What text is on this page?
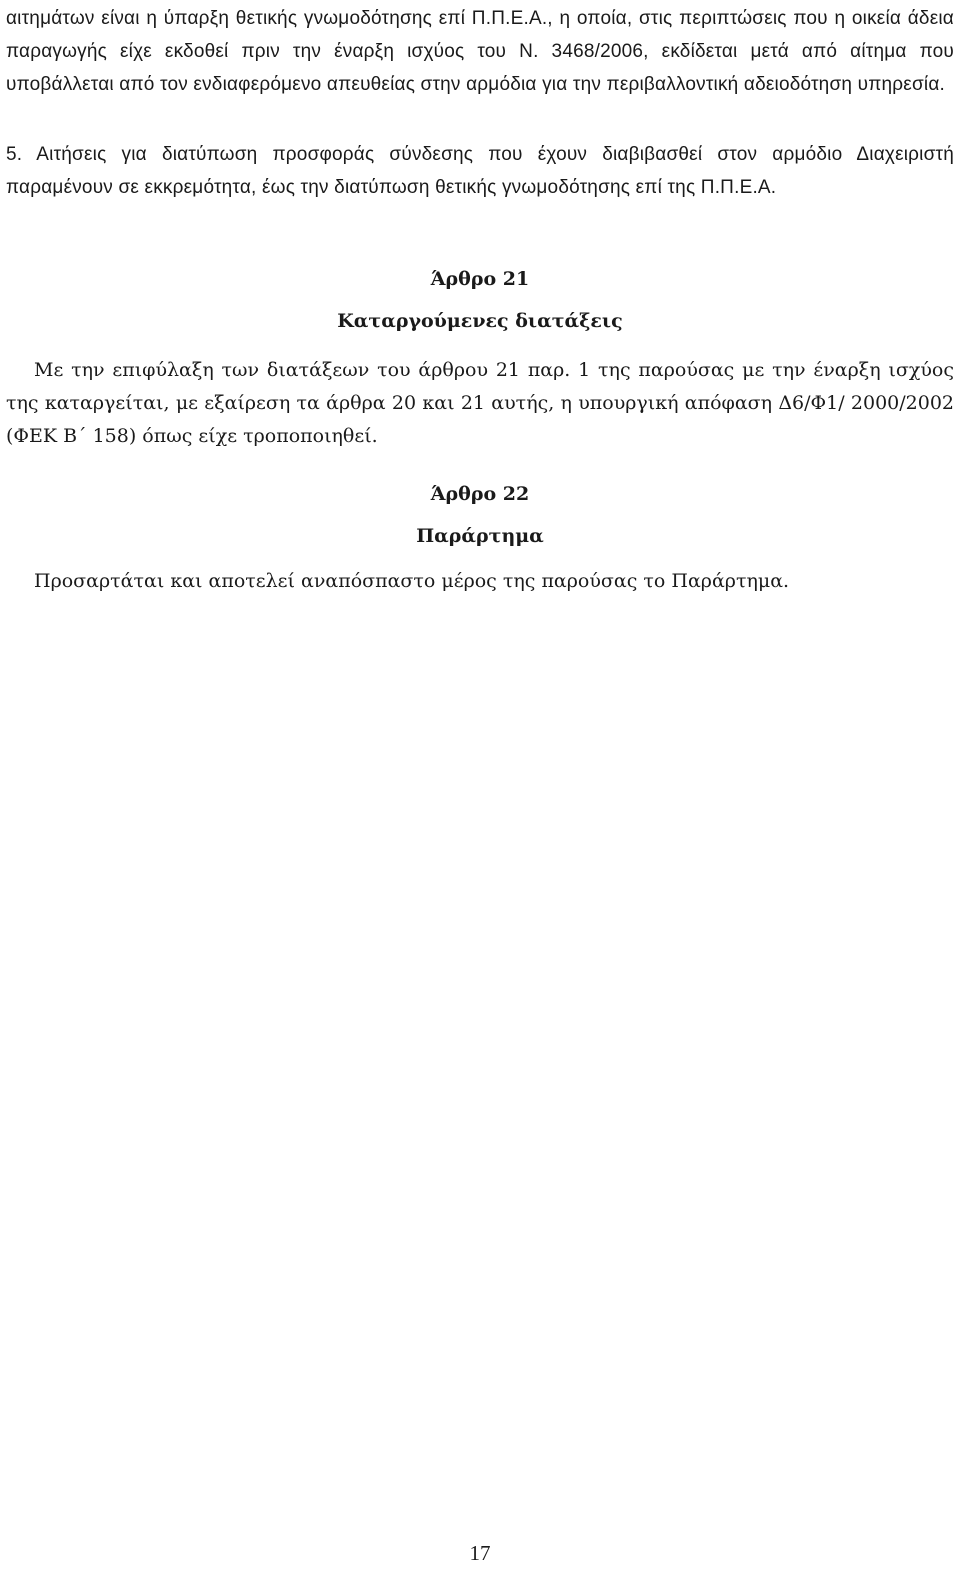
αιτημάτων είναι η ύπαρξη θετικής γνωμοδότησης επί Π.Π.Ε.Α., η οποία, στις περιπτώσεις που η οικεία άδεια παραγωγής είχε εκδοθεί πριν την έναρξη ισχύος του Ν. 3468/2006, εκδίδεται μετά από αίτημα που υποβάλλεται από τον ενδιαφερόμενο απευθείας στην αρμόδια για την περιβαλλοντική αδειοδότηση υπηρεσία.

5. Αιτήσεις για διατύπωση προσφοράς σύνδεσης που έχουν διαβιβασθεί στον αρμόδιο Διαχειριστή παραμένουν σε εκκρεμότητα, έως την διατύπωση θετικής γνωμοδότησης επί της Π.Π.Ε.Α.

Άρθρο 21

Καταργούμενες διατάξεις

Με την επιφύλαξη των διατάξεων του άρθρου 21 παρ. 1 της παρούσας με την έναρξη ισχύος της καταργείται, με εξαίρεση τα άρθρα 20 και 21 αυτής, η υπουργική απόφαση Δ6/Φ1/ 2000/2002 (ΦΕΚ Β΄ 158) όπως είχε τροποποιηθεί.

Άρθρο 22

Παράρτημα

Προσαρτάται και αποτελεί αναπόσπαστο μέρος της παρούσας το Παράρτημα.

17
